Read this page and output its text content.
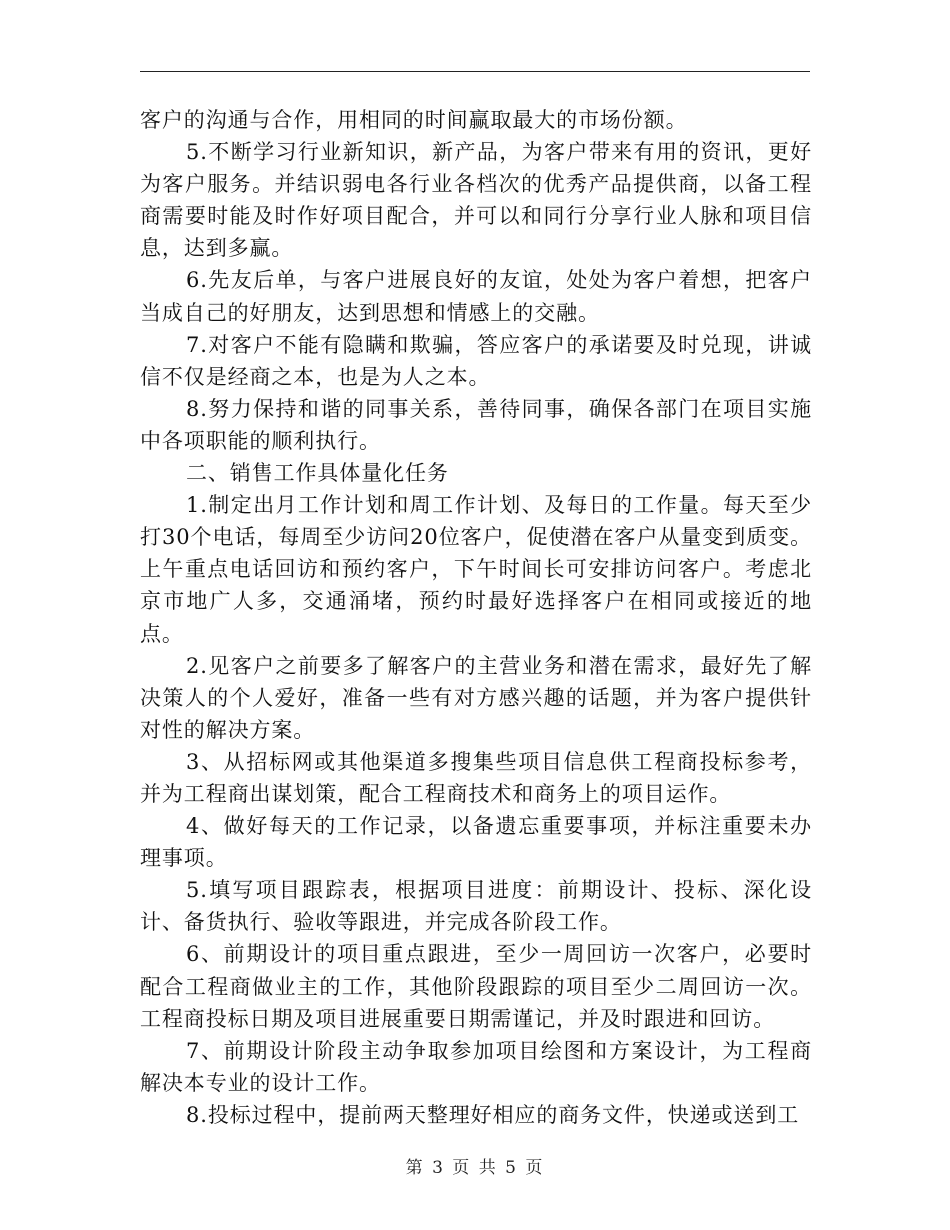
客户的沟通与合作，用相同的时间赢取最大的市场份额。

5.不断学习行业新知识，新产品，为客户带来有用的资讯，更好为客户服务。并结识弱电各行业各档次的优秀产品提供商，以备工程商需要时能及时作好项目配合，并可以和同行分享行业人脉和项目信息，达到多赢。

6.先友后单，与客户进展良好的友谊，处处为客户着想，把客户当成自己的好朋友，达到思想和情感上的交融。

7.对客户不能有隐瞒和欺骗，答应客户的承诺要及时兑现，讲诚信不仅是经商之本，也是为人之本。

8.努力保持和谐的同事关系，善待同事，确保各部门在项目实施中各项职能的顺利执行。

二、销售工作具体量化任务

1.制定出月工作计划和周工作计划、及每日的工作量。每天至少打30个电话，每周至少访问20位客户，促使潜在客户从量变到质变。上午重点电话回访和预约客户，下午时间长可安排访问客户。考虑北京市地广人多，交通涌堵，预约时最好选择客户在相同或接近的地点。

2.见客户之前要多了解客户的主营业务和潜在需求，最好先了解决策人的个人爱好，准备一些有对方感兴趣的话题，并为客户提供针对性的解决方案。

3、从招标网或其他渠道多搜集些项目信息供工程商投标参考，并为工程商出谋划策，配合工程商技术和商务上的项目运作。

4、做好每天的工作记录，以备遗忘重要事项，并标注重要未办理事项。

5.填写项目跟踪表，根据项目进度：前期设计、投标、深化设计、备货执行、验收等跟进，并完成各阶段工作。

6、前期设计的项目重点跟进，至少一周回访一次客户，必要时配合工程商做业主的工作，其他阶段跟踪的项目至少二周回访一次。工程商投标日期及项目进展重要日期需谨记，并及时跟进和回访。

7、前期设计阶段主动争取参加项目绘图和方案设计，为工程商解决本专业的设计工作。

8.投标过程中，提前两天整理好相应的商务文件，快递或送到工

第 3 页 共 5 页
